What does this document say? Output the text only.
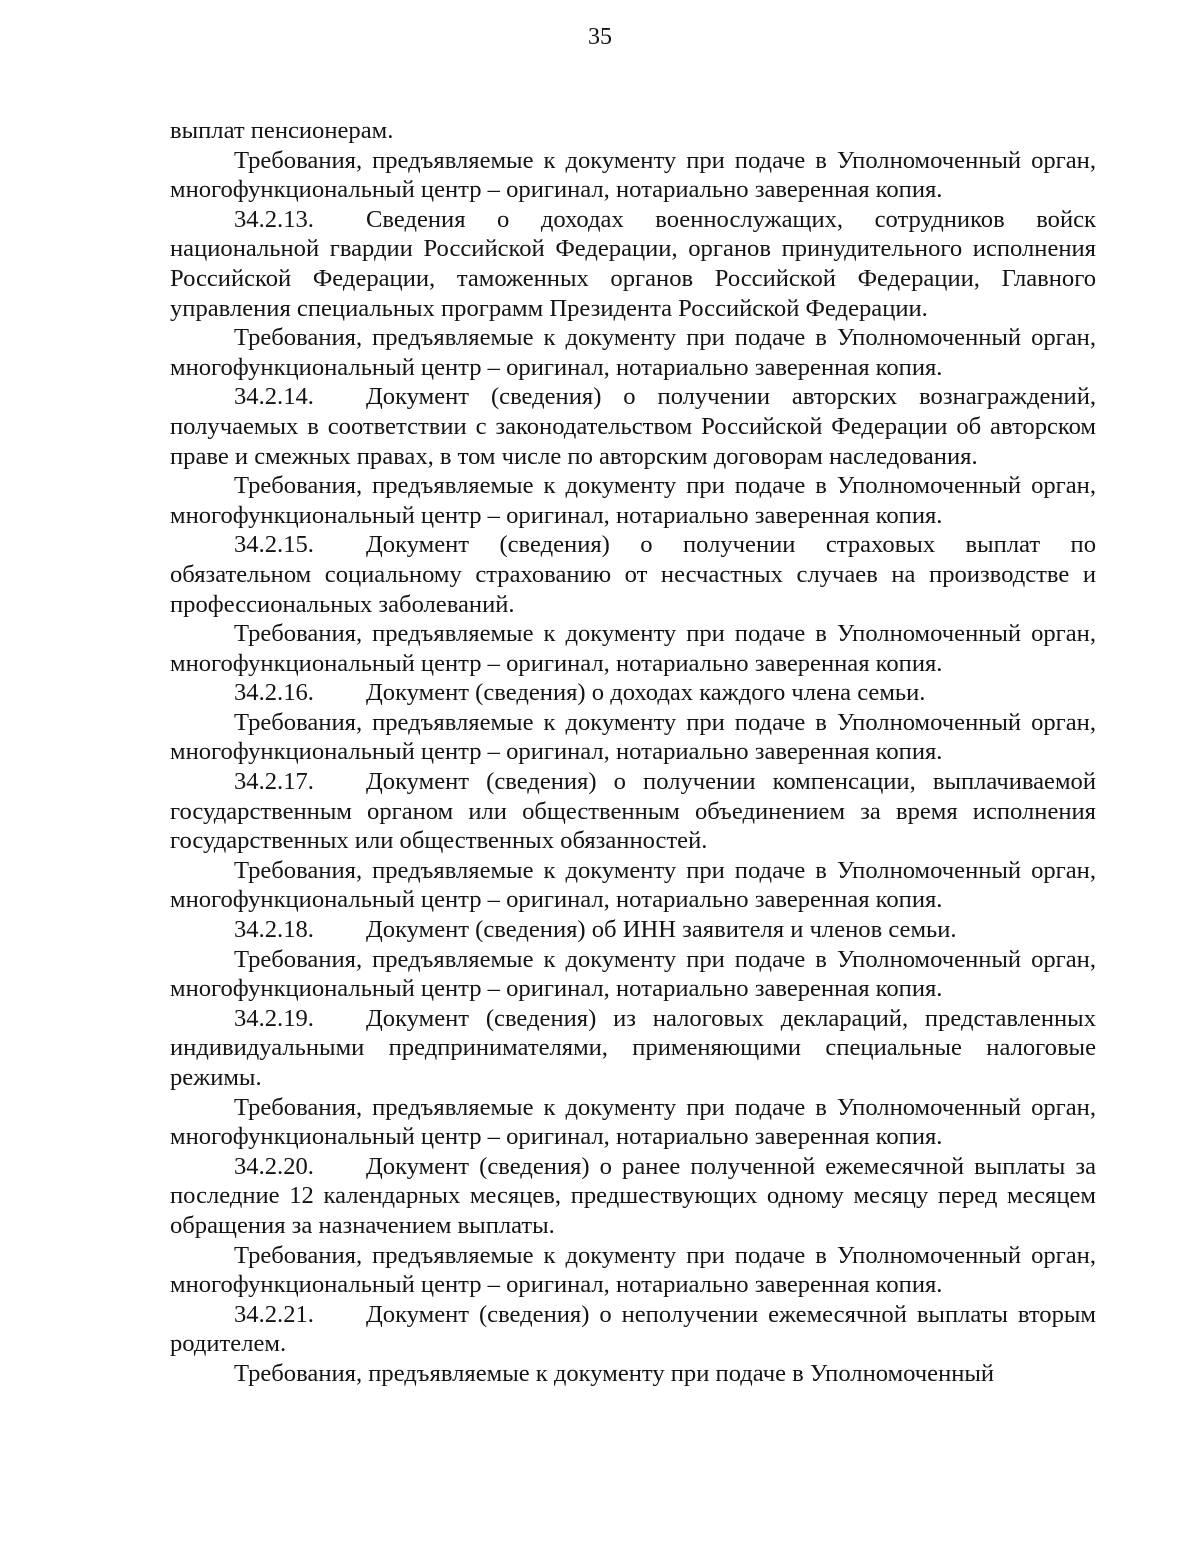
35

выплат пенсионерам.

Требования, предъявляемые к документу при подаче в Уполномоченный орган, многофункциональный центр – оригинал, нотариально заверенная копия.

34.2.13. Сведения о доходах военнослужащих, сотрудников войск национальной гвардии Российской Федерации, органов принудительного исполнения Российской Федерации, таможенных органов Российской Федерации, Главного управления специальных программ Президента Российской Федерации.

Требования, предъявляемые к документу при подаче в Уполномоченный орган, многофункциональный центр – оригинал, нотариально заверенная копия.

34.2.14. Документ (сведения) о получении авторских вознаграждений, получаемых в соответствии с законодательством Российской Федерации об авторском праве и смежных правах, в том числе по авторским договорам наследования.

Требования, предъявляемые к документу при подаче в Уполномоченный орган, многофункциональный центр – оригинал, нотариально заверенная копия.

34.2.15. Документ (сведения) о получении страховых выплат по обязательном социальному страхованию от несчастных случаев на производстве и профессиональных заболеваний.

Требования, предъявляемые к документу при подаче в Уполномоченный орган, многофункциональный центр – оригинал, нотариально заверенная копия.

34.2.16. Документ (сведения) о доходах каждого члена семьи.

Требования, предъявляемые к документу при подаче в Уполномоченный орган, многофункциональный центр – оригинал, нотариально заверенная копия.

34.2.17. Документ (сведения) о получении компенсации, выплачиваемой государственным органом или общественным объединением за время исполнения государственных или общественных обязанностей.

Требования, предъявляемые к документу при подаче в Уполномоченный орган, многофункциональный центр – оригинал, нотариально заверенная копия.

34.2.18. Документ (сведения) об ИНН заявителя и членов семьи.

Требования, предъявляемые к документу при подаче в Уполномоченный орган, многофункциональный центр – оригинал, нотариально заверенная копия.

34.2.19. Документ (сведения) из налоговых деклараций, представленных индивидуальными предпринимателями, применяющими специальные налоговые режимы.

Требования, предъявляемые к документу при подаче в Уполномоченный орган, многофункциональный центр – оригинал, нотариально заверенная копия.

34.2.20. Документ (сведения) о ранее полученной ежемесячной выплаты за последние 12 календарных месяцев, предшествующих одному месяцу перед месяцем обращения за назначением выплаты.

Требования, предъявляемые к документу при подаче в Уполномоченный орган, многофункциональный центр – оригинал, нотариально заверенная копия.

34.2.21. Документ (сведения) о неполучении ежемесячной выплаты вторым родителем.

Требования, предъявляемые к документу при подаче в Уполномоченный
